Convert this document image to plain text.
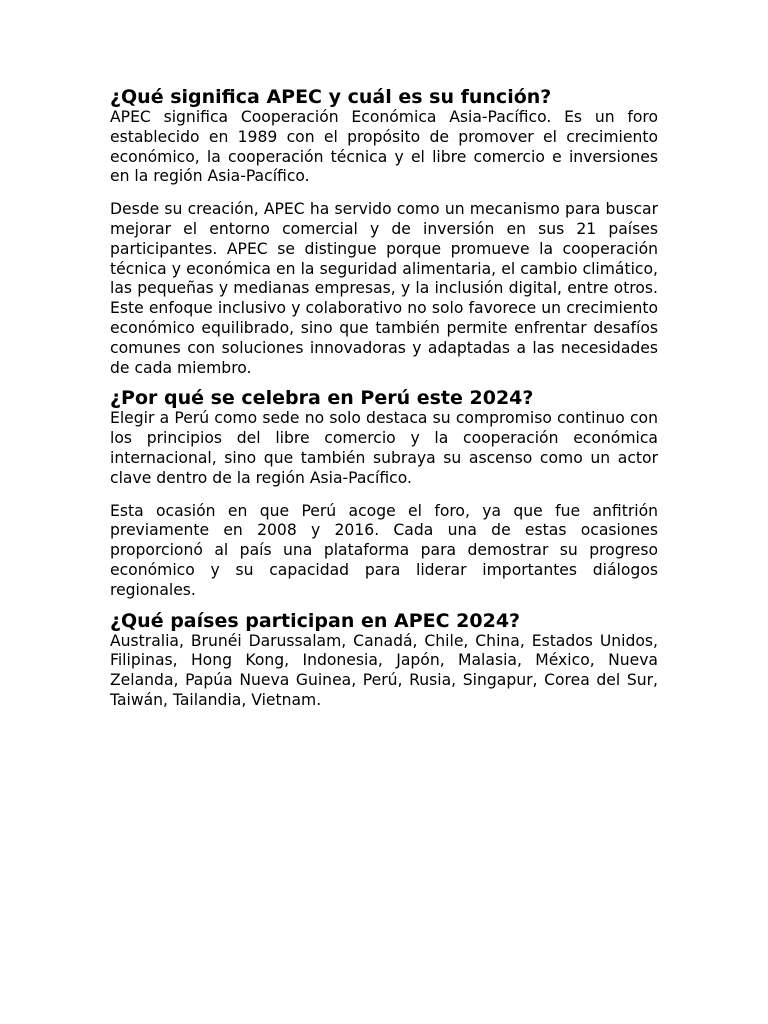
¿Qué significa APEC y cuál es su función?

APEC significa Cooperación Económica Asia-Pacífico. Es un foro establecido en 1989 con el propósito de promover el crecimiento económico, la cooperación técnica y el libre comercio e inversiones en la región Asia-Pacífico.

Desde su creación, APEC ha servido como un mecanismo para buscar mejorar el entorno comercial y de inversión en sus 21 países participantes. APEC se distingue porque promueve la cooperación técnica y económica en la seguridad alimentaria, el cambio climático, las pequeñas y medianas empresas, y la inclusión digital, entre otros. Este enfoque inclusivo y colaborativo no solo favorece un crecimiento económico equilibrado, sino que también permite enfrentar desafíos comunes con soluciones innovadoras y adaptadas a las necesidades de cada miembro.

¿Por qué se celebra en Perú este 2024?

Elegir a Perú como sede no solo destaca su compromiso continuo con los principios del libre comercio y la cooperación económica internacional, sino que también subraya su ascenso como un actor clave dentro de la región Asia-Pacífico.

Esta ocasión en que Perú acoge el foro, ya que fue anfitrión previamente en 2008 y 2016. Cada una de estas ocasiones proporcionó al país una plataforma para demostrar su progreso económico y su capacidad para liderar importantes diálogos regionales.

¿Qué países participan en APEC 2024?

Australia, Brunéi Darussalam, Canadá, Chile, China, Estados Unidos, Filipinas, Hong Kong, Indonesia, Japón, Malasia, México, Nueva Zelanda, Papúa Nueva Guinea, Perú, Rusia, Singapur, Corea del Sur, Taiwán, Tailandia, Vietnam.
